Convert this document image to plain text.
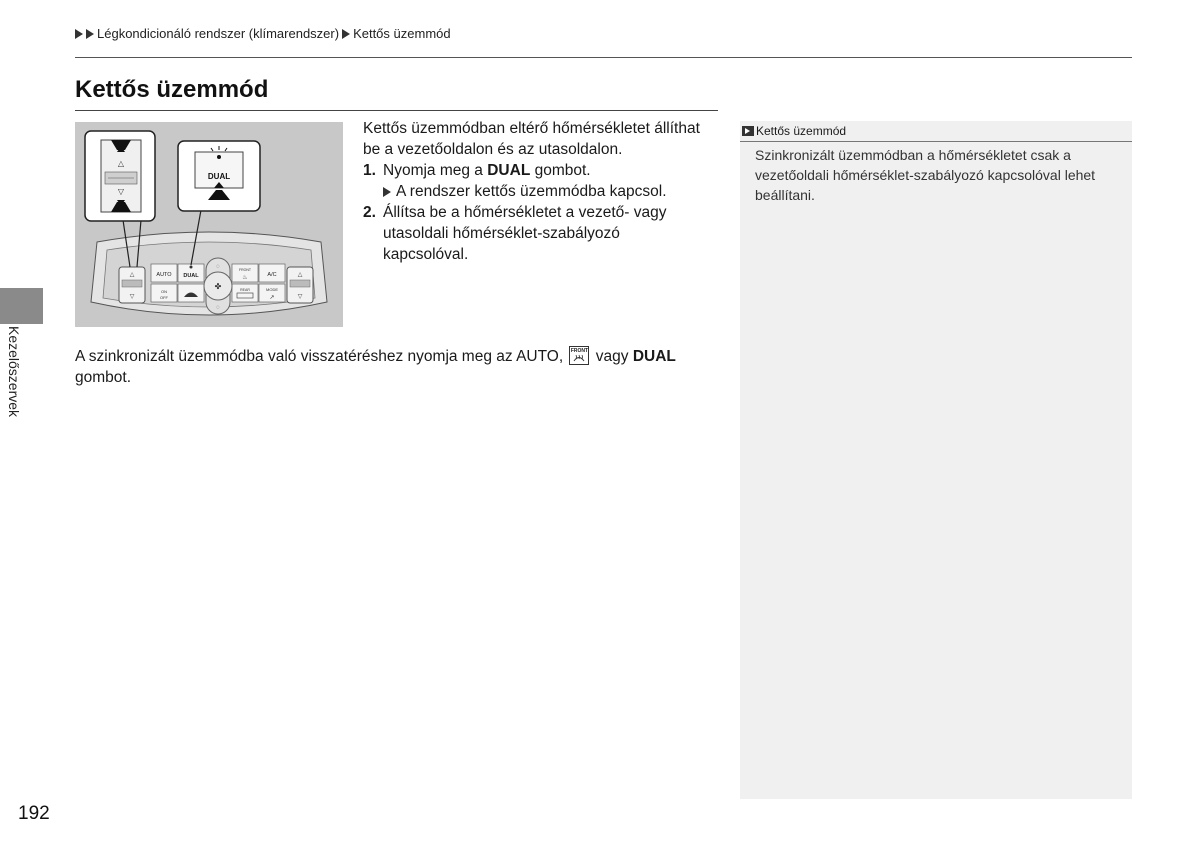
Légkondicionáló rendszer (klímarendszer) Kettős üzemmód
Kettős üzemmód
△
▽
△
▽
AUTO DUAL
FRONT
♨	A/C
ON
OFF
REAR	MODE
↗
✤
◌
◌
△
▽
DUAL

Kettős üzemmódban eltérő hőmérsékletet állíthat be a vezetőoldalon és az utasoldalon.

1. Nyomja meg a DUAL gombot.
A rendszer kettős üzemmódba kapcsol.
2. Állítsa be a hőmérsékletet a vezető- vagy utasoldali hőmérséklet-szabályozó kapcsolóval.

A szinkronizált üzemmódba való visszatéréshez nyomja meg az AUTO, FRONT vagy DUAL gombot.

Kettős üzemmód

Szinkronizált üzemmódban a hőmérsékletet csak a vezetőoldali hőmérséklet-szabályozó kapcsolóval lehet beállítani.

Kezelőszervek
192
